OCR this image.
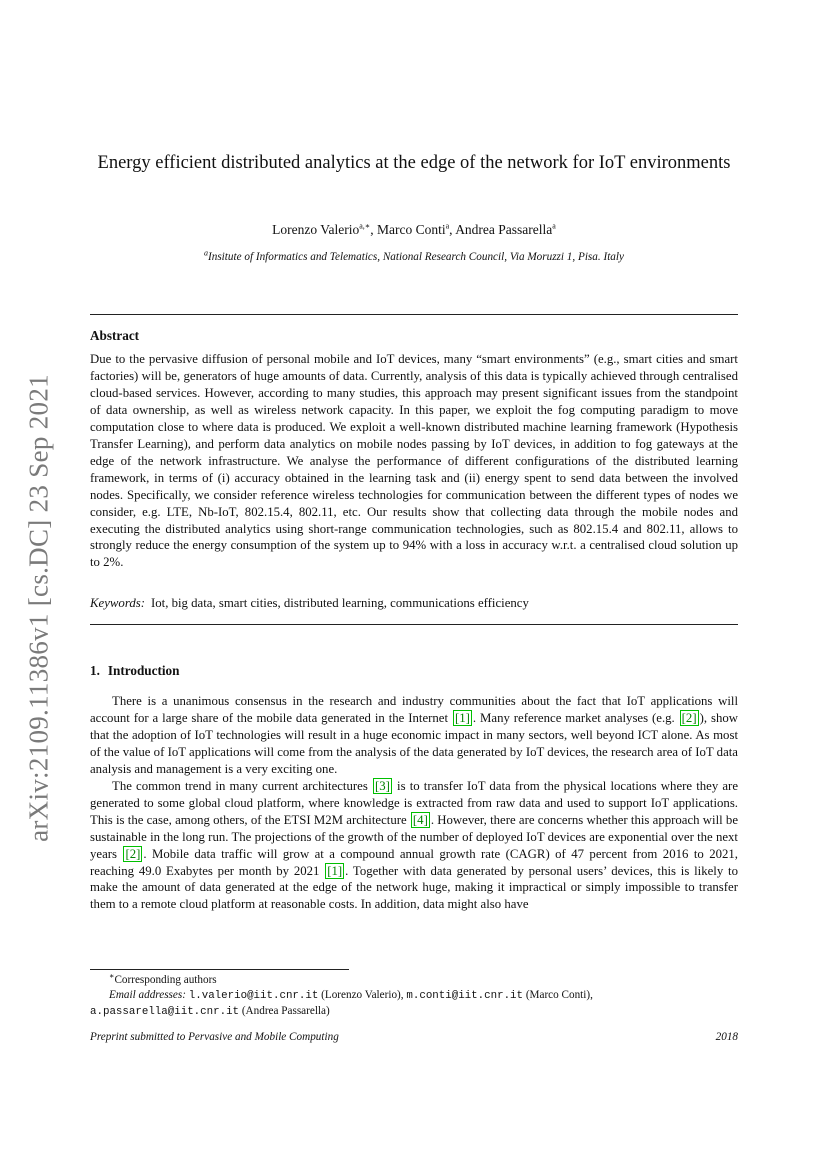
arXiv:2109.11386v1 [cs.DC] 23 Sep 2021
Energy efficient distributed analytics at the edge of the network for IoT environments
Lorenzo Valerio$^{a,∗}$, Marco Conti$^a$, Andrea Passarella$^a$
$^a$Insitute of Informatics and Telematics, National Research Council, Via Moruzzi 1, Pisa. Italy
Abstract
Due to the pervasive diffusion of personal mobile and IoT devices, many “smart environments” (e.g., smart cities and smart factories) will be, generators of huge amounts of data. Currently, analysis of this data is typically achieved through centralised cloud-based services. However, according to many studies, this approach may present significant issues from the standpoint of data ownership, as well as wireless network capacity. In this paper, we exploit the fog computing paradigm to move computation close to where data is produced. We exploit a well-known distributed machine learning framework (Hypothesis Transfer Learning), and perform data analytics on mobile nodes passing by IoT devices, in addition to fog gateways at the edge of the network infrastructure. We analyse the performance of different configurations of the distributed learning framework, in terms of (i) accuracy obtained in the learning task and (ii) energy spent to send data between the involved nodes. Specifically, we consider reference wireless technologies for communication between the different types of nodes we consider, e.g. LTE, Nb-IoT, 802.15.4, 802.11, etc. Our results show that collecting data through the mobile nodes and executing the distributed analytics using short-range communication technologies, such as 802.15.4 and 802.11, allows to strongly reduce the energy consumption of the system up to 94% with a loss in accuracy w.r.t. a centralised cloud solution up to 2%.
Keywords: Iot, big data, smart cities, distributed learning, communications efficiency
1. Introduction

There is a unanimous consensus in the research and industry communities about the fact that IoT applications will account for a large share of the mobile data generated in the Internet [1] . Many reference market analyses (e.g. [2] ), show that the adoption of IoT technologies will result in a huge economic impact in many sectors, well beyond ICT alone. As most of the value of IoT applications will come from the analysis of the data generated by IoT devices, the research area of IoT data analysis and management is a very exciting one.

The common trend in many current architectures [3] is to transfer IoT data from the physical locations where they are generated to some global cloud platform, where knowledge is extracted from raw data and used to support IoT applications. This is the case, among others, of the ETSI M2M architecture [4] . However, there are concerns whether this approach will be sustainable in the long run. The projections of the growth of the number of deployed IoT devices are exponential over the next years [2] . Mobile data traffic will grow at a compound annual growth rate (CAGR) of 47 percent from 2016 to 2021, reaching 49.0 Exabytes per month by 2021 [1] . Together with data generated by personal users’ devices, this is likely to make the amount of data generated at the edge of the network huge, making it impractical or simply impossible to transfer them to a remote cloud platform at reasonable costs. In addition, data might also have

∗Corresponding authors
Email addresses: l.valerio@iit.cnr.it (Lorenzo Valerio), m.conti@iit.cnr.it (Marco Conti),
a.passarella@iit.cnr.it (Andrea Passarella)
Preprint submitted to Pervasive and Mobile Computing	2018
